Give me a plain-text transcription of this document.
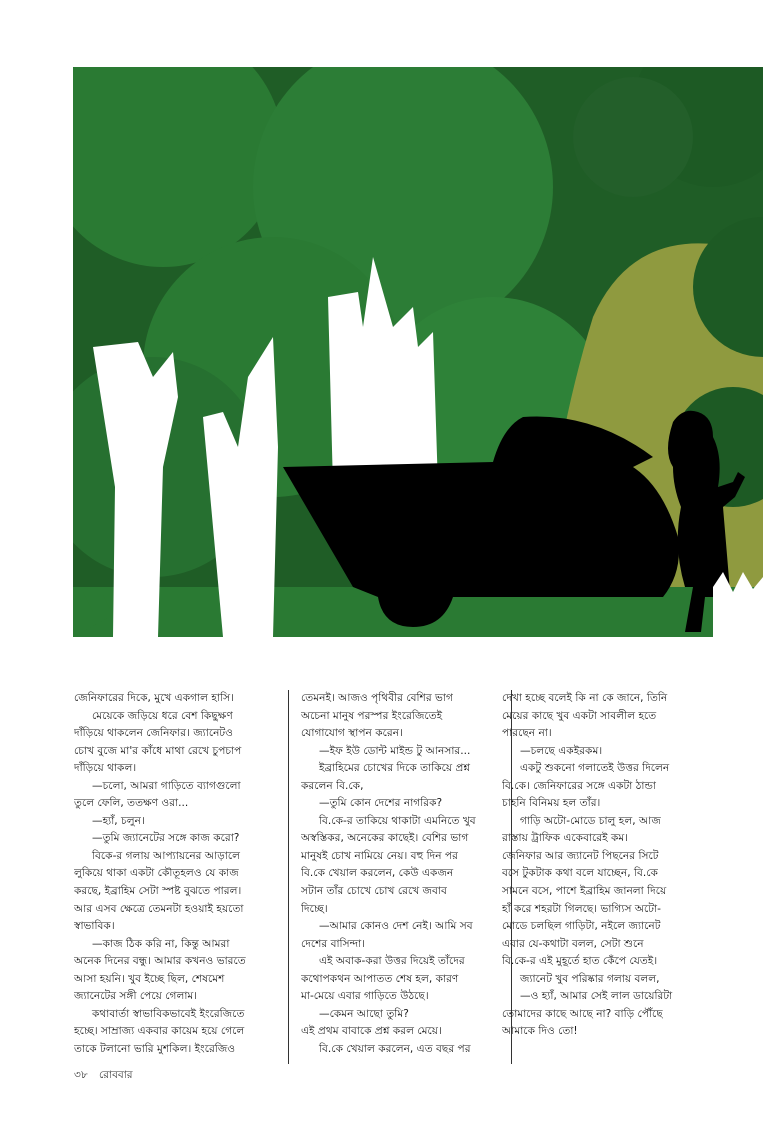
জেনিফারের দিকে, মুখে একগাল হাসি।
মেয়েকে জড়িয়ে ধরে বেশ কিছুক্ষণ
দাঁড়িয়ে থাকলেন জেনিফার। জ্যানেটও
চোখ বুজে মা'র কাঁধে মাথা রেখে চুপচাপ
দাঁড়িয়ে থাকল।
—চলো, আমরা গাড়িতে ব্যাগগুলো
তুলে ফেলি, ততক্ষণ ওরা...
—হ্যাঁ, চলুন।
—তুমি জ্যানেটের সঙ্গে কাজ করো?
বিকে-র গলায় আপ্যায়নের আড়ালে
লুকিয়ে থাকা একটা কৌতূহলও যে কাজ
করছে, ইব্রাহিম সেটা স্পষ্ট বুঝতে পারল।
আর এসব ক্ষেত্রে তেমনটা হওয়াই হয়তো
স্বাভাবিক।
—কাজ ঠিক করি না, কিন্তু আমরা
অনেক দিনের বন্ধু। আমার কখনও ভারতে
আসা হয়নি। খুব ইচ্ছে ছিল, শেষমেশ
জ্যানেটের সঙ্গী পেয়ে গেলাম।
কথাবার্তা স্বাভাবিকভাবেই ইংরেজিতে
হচ্ছে। সাম্রাজ্য একবার কায়েম হয়ে গেলে
তাকে টলানো ভারি মুশকিল। ইংরেজিও
তেমনই। আজও পৃথিবীর বেশির ভাগ
অচেনা মানুষ পরস্পর ইংরেজিতেই
যোগাযোগ স্থাপন করেন।
—ইফ ইউ ডোন্ট মাইন্ড টু আনসার...
ইব্রাহিমের চোখের দিকে তাকিয়ে প্রশ্ন
করলেন বি.কে,
—তুমি কোন দেশের নাগরিক?
বি.কে-র তাকিয়ে থাকাটা এমনিতে খুব
অস্বস্তিকর, অনেকের কাছেই। বেশির ভাগ
মানুষই চোখ নামিয়ে নেয়। বহু দিন পর
বি.কে খেয়াল করলেন, কেউ একজন
সটান তাঁর চোখে চোখ রেখে জবাব
দিচ্ছে।
—আমার কোনও দেশ নেই। আমি সব
দেশের বাসিন্দা।
এই অবাক-করা উত্তর দিয়েই তাঁদের
কথোপকথন আপাতত শেষ হল, কারণ
মা-মেয়ে এবার গাড়িতে উঠছে।
—কেমন আছো তুমি?
এই প্রথম বাবাকে প্রশ্ন করল মেয়ে।
বি.কে খেয়াল করলেন, এত বছর পর
দেখা হচ্ছে বলেই কি না কে জানে, তিনি
মেয়ের কাছে খুব একটা সাবলীল হতে
পারছেন না।
—চলছে একইরকম।
একটু শুকনো গলাতেই উত্তর দিলেন
বি.কে। জেনিফারের সঙ্গে একটা ঠান্ডা
চাহনি বিনিময় হল তাঁর।
গাড়ি অটো-মোডে চালু হল, আজ
রাস্তায় ট্রাফিক একেবারেই কম।
জেনিফার আর জ্যানেট পিছনের সিটে
বসে টুকটাক কথা বলে যাচ্ছেন, বি.কে
সামনে বসে, পাশে ইব্রাহিম জানলা দিয়ে
হাঁ করে শহরটা গিলছে। ভাগ্যিস অটো-
মোডে চলছিল গাড়িটা, নইলে জ্যানেট
এবার যে-কথাটা বলল, সেটা শুনে
বি.কে-র এই মুহূর্তে হাত কেঁপে যেতই।
জ্যানেট খুব পরিষ্কার গলায় বলল,
—ও হ্যাঁ, আমার সেই লাল ডায়েরিটা
তোমাদের কাছে আছে না? বাড়ি পৌঁছে
আমাকে দিও তো!
৩৮ রোববার
